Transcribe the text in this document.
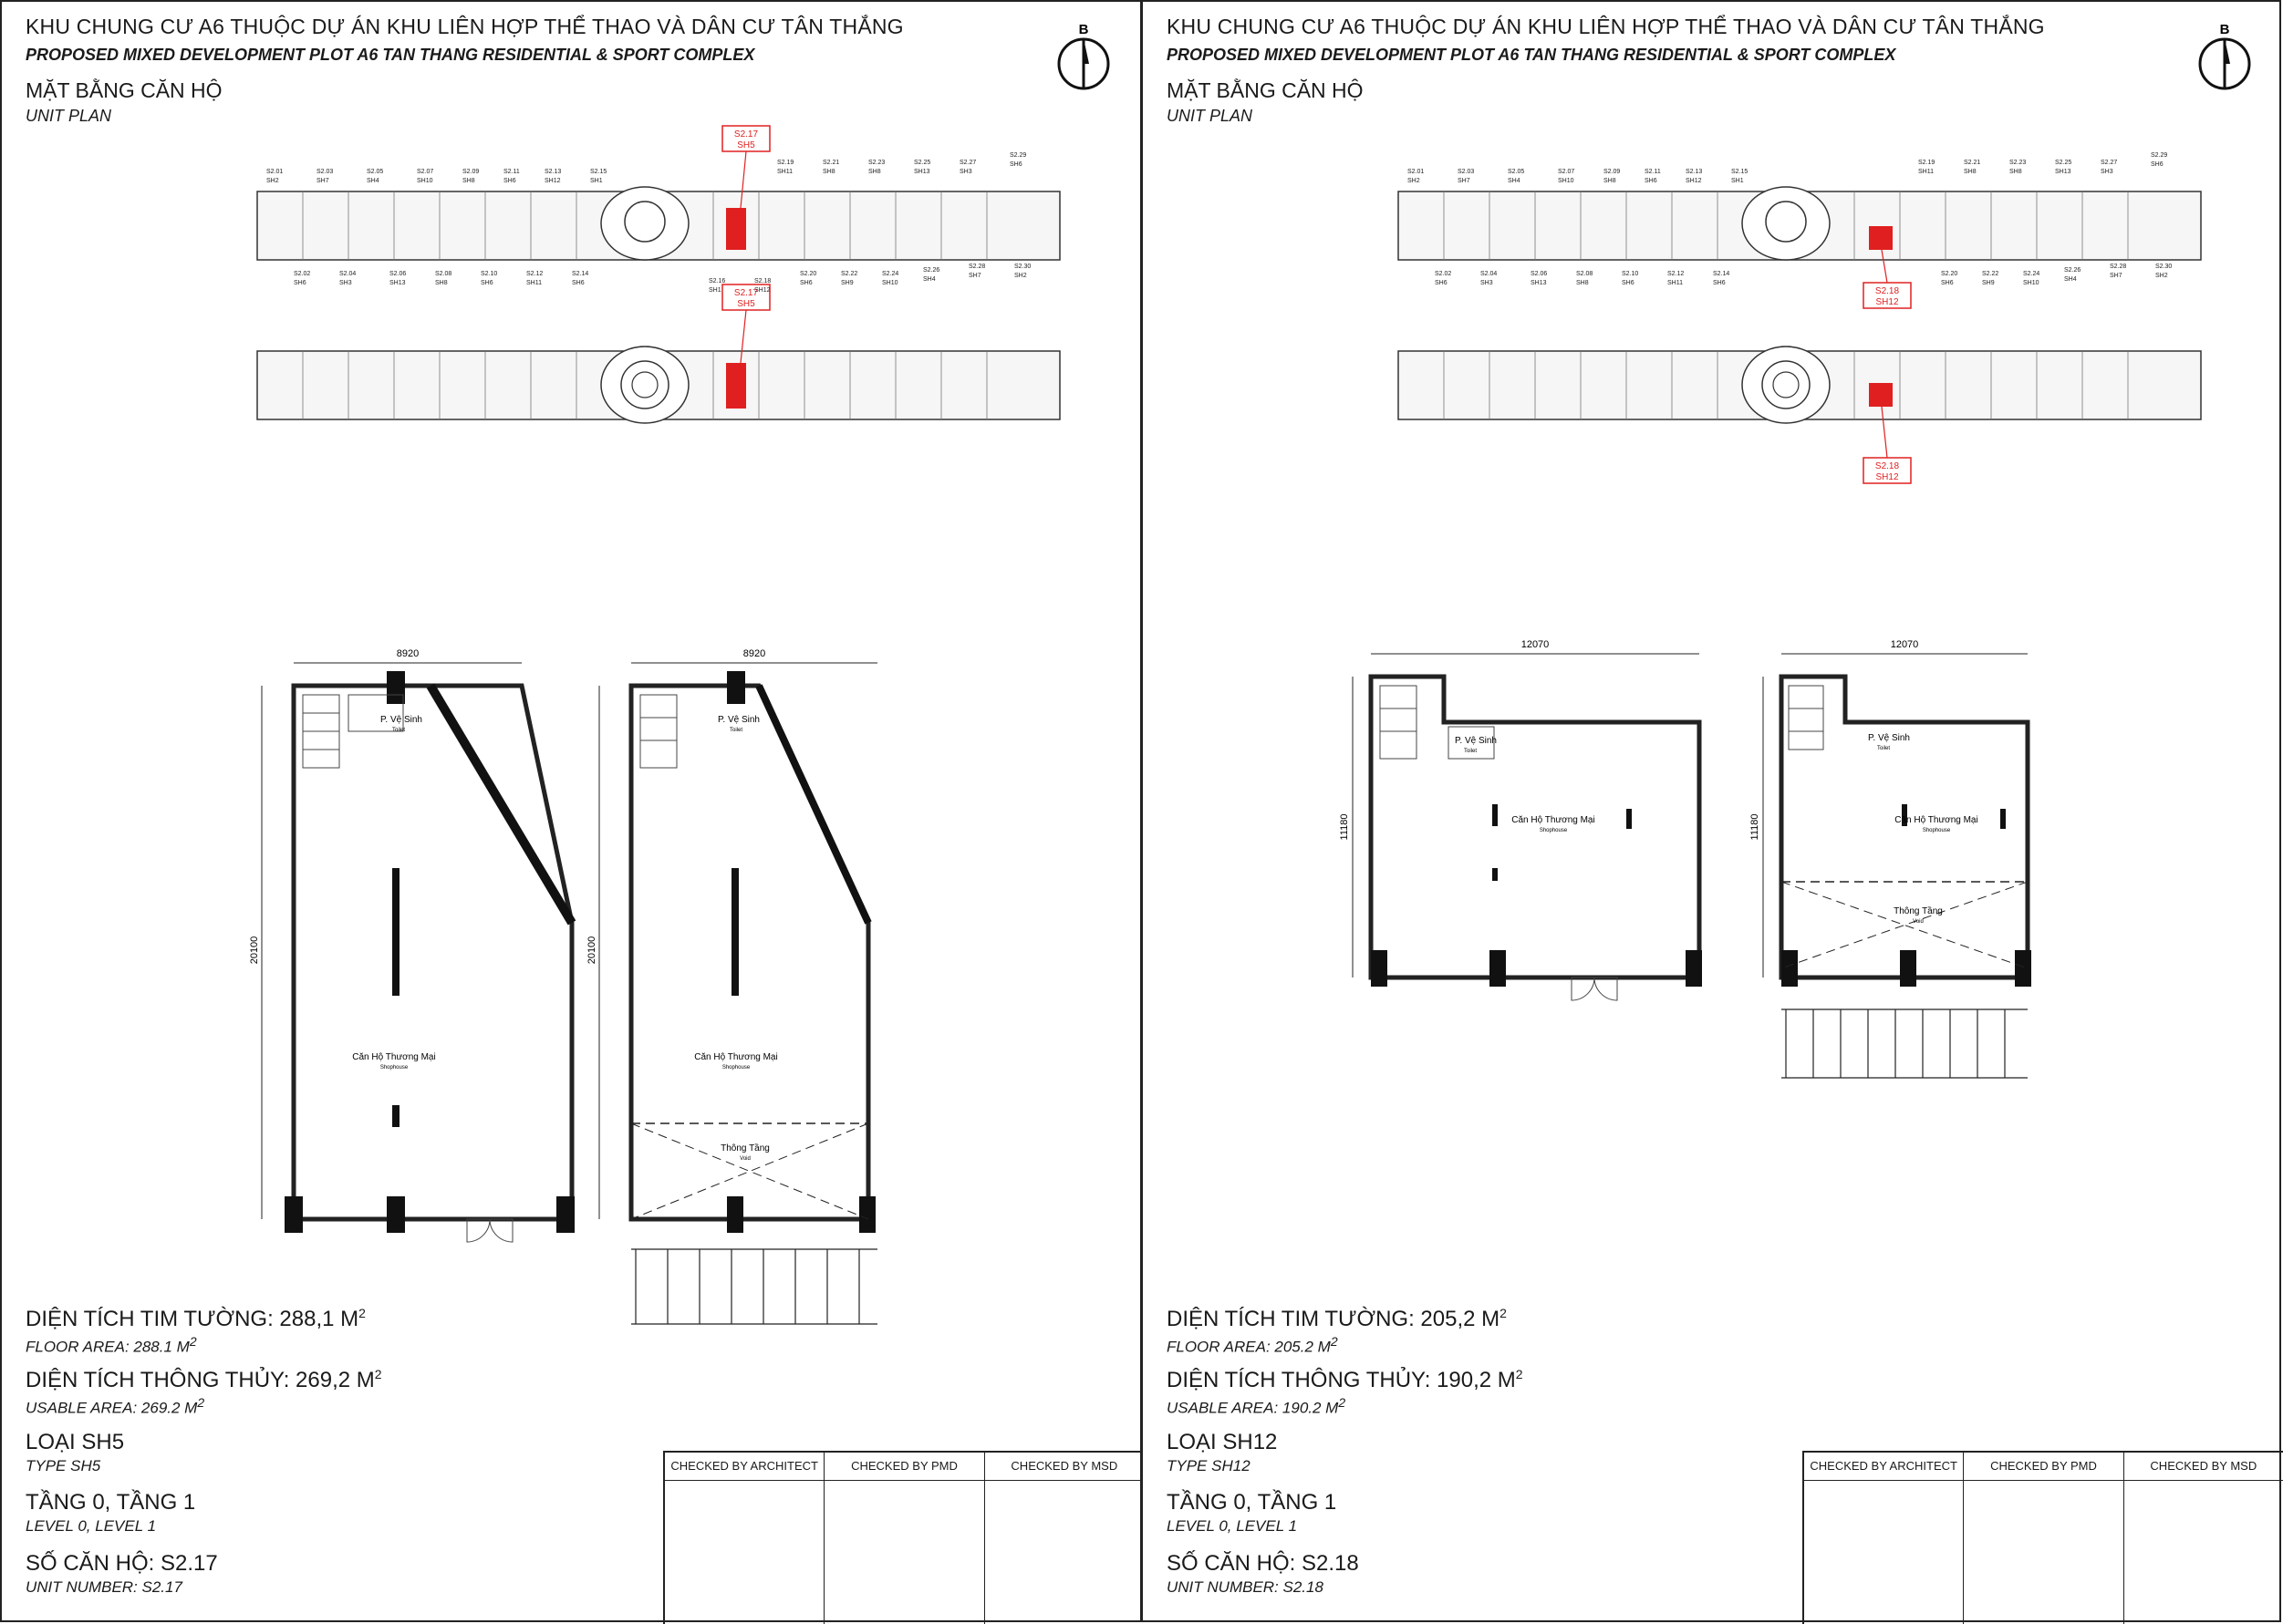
KHU CHUNG CƯ A6 THUỘC DỰ ÁN KHU LIÊN HỢP THỂ THAO VÀ DÂN CƯ TÂN THẮNG
PROPOSED MIXED DEVELOPMENT PLOT A6 TAN THANG RESIDENTIAL & SPORT COMPLEX
MẶT BẰNG CĂN HỘ
UNIT PLAN
B
S2.17
SH5
S2.17
SH5
S2.01	S2.03	S2.05	S2.07	S2.09	S2.11	S2.13	S2.15
SH2	SH7	SH4	SH10	SH8	SH6	SH12	SH1
S2.02	S2.04	S2.06	S2.08	S2.10	S2.12	S2.14
SH6	SH3	SH13	SH8	SH6	SH11	SH6
S2.19	S2.21	S2.23	S2.25	S2.27
S2.29
SH11	SH8	SH8	SH13	SH3
SH6
S2.16	S2.18
S2.20	S2.22	S2.24
S2.26
S2.28	S2.30
SH1	SH12
SH6	SH9	SH10
SH4
SH7	SH2
8920
20100
P. Vệ Sinh
Toilet
Căn Hộ Thương Mại
Shophouse
8920
20100
P. Vệ Sinh
Toilet
Căn Hộ Thương Mại
Shophouse
Thông Tầng
Void
DIỆN TÍCH TIM TƯỜNG: 288,1 $M^2$
FLOOR AREA: 288.1 $M^2$
DIỆN TÍCH THÔNG THỦY: 269,2 $M^2$
USABLE AREA: 269.2 $M^2$
LOẠI SH5
TYPE SH5
TẦNG 0, TẦNG 1
LEVEL 0, LEVEL 1
SỐ CĂN HỘ: S2.17
UNIT NUMBER: S2.17
CHECKED BY ARCHITECT	CHECKED BY PMD	CHECKED BY MSD
KHU CHUNG CƯ A6 THUỘC DỰ ÁN KHU LIÊN HỢP THỂ THAO VÀ DÂN CƯ TÂN THẮNG
PROPOSED MIXED DEVELOPMENT PLOT A6 TAN THANG RESIDENTIAL & SPORT COMPLEX
MẶT BẰNG CĂN HỘ
UNIT PLAN
B
S2.18
SH12
S2.18
SH12
S2.01	S2.03	S2.05	S2.07	S2.09	S2.11	S2.13	S2.15
SH2	SH7	SH4	SH10	SH8	SH6	SH12	SH1
S2.02	S2.04	S2.06	S2.08	S2.10	S2.12	S2.14
SH6	SH3	SH13	SH8	SH6	SH11	SH6
S2.19	S2.21	S2.23	S2.25	S2.27
S2.29
SH11	SH8	SH8	SH13	SH3
SH6
S2.20	S2.22	S2.24
S2.26
S2.28	S2.30
SH6	SH9	SH10
SH4
SH7	SH2
12070
11180
P. Vệ Sinh
Toilet
Căn Hộ Thương Mại
Shophouse
12070
11180
P. Vệ Sinh
Toilet
Căn Hộ Thương Mại
Shophouse
Thông Tầng
Void
DIỆN TÍCH TIM TƯỜNG: 205,2 $M^2$
FLOOR AREA: 205.2 $M^2$
DIỆN TÍCH THÔNG THỦY: 190,2 $M^2$
USABLE AREA: 190.2 $M^2$
LOẠI SH12
TYPE SH12
TẦNG 0, TẦNG 1
LEVEL 0, LEVEL 1
SỐ CĂN HỘ: S2.18
UNIT NUMBER: S2.18
CHECKED BY ARCHITECT	CHECKED BY PMD	CHECKED BY MSD
